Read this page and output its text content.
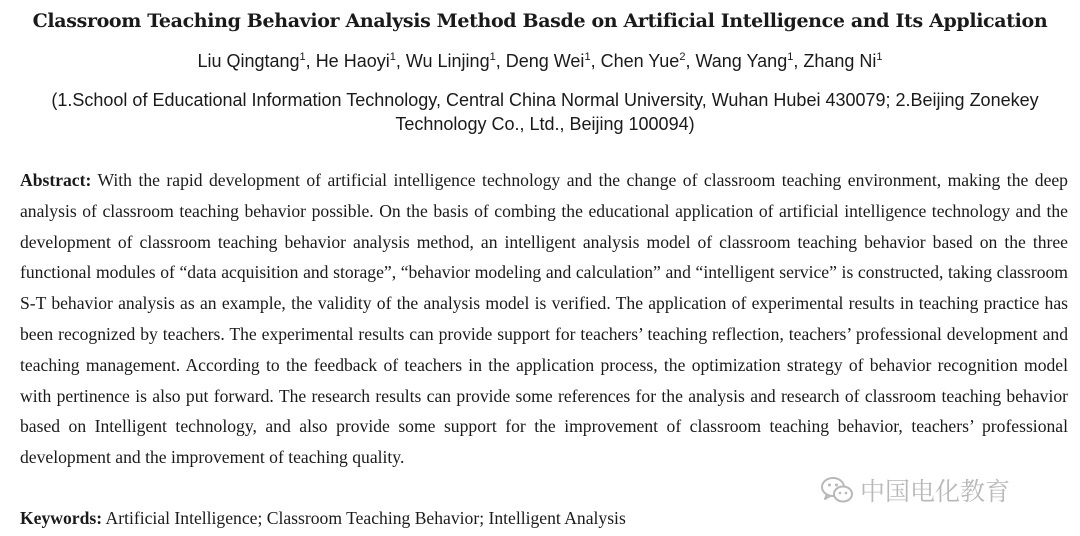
Classroom Teaching Behavior Analysis Method Basde on Artificial Intelligence and Its Application
Liu Qingtang$^1$, He Haoyi$^1$, Wu Linjing$^1$, Deng Wei$^1$, Chen Yue$^2$, Wang Yang$^1$, Zhang Ni$^1$
(1.School of Educational Information Technology, Central China Normal University, Wuhan Hubei 430079; 2.Beijing Zonekey Technology Co., Ltd., Beijing 100094)

Abstract: With the rapid development of artificial intelligence technology and the change of classroom teaching environment, making the deep analysis of classroom teaching behavior possible. On the basis of combing the educational application of artificial intelligence technology and the development of classroom teaching behavior analysis method, an intelligent analysis model of classroom teaching behavior based on the three functional modules of “data acquisition and storage”, “behavior modeling and calculation” and “intelligent service” is constructed, taking classroom S-T behavior analysis as an example, the validity of the analysis model is verified. The application of experimental results in teaching practice has been recognized by teachers. The experimental results can provide support for teachers’ teaching reflection, teachers’ professional development and teaching management. According to the feedback of teachers in the application process, the optimization strategy of behavior recognition model with pertinence is also put forward. The research results can provide some references for the analysis and research of classroom teaching behavior based on Intelligent technology, and also provide some support for the improvement of classroom teaching behavior, teachers’ professional development and the improvement of teaching quality.

Keywords: Artificial Intelligence; Classroom Teaching Behavior; Intelligent Analysis
中国电化教育
